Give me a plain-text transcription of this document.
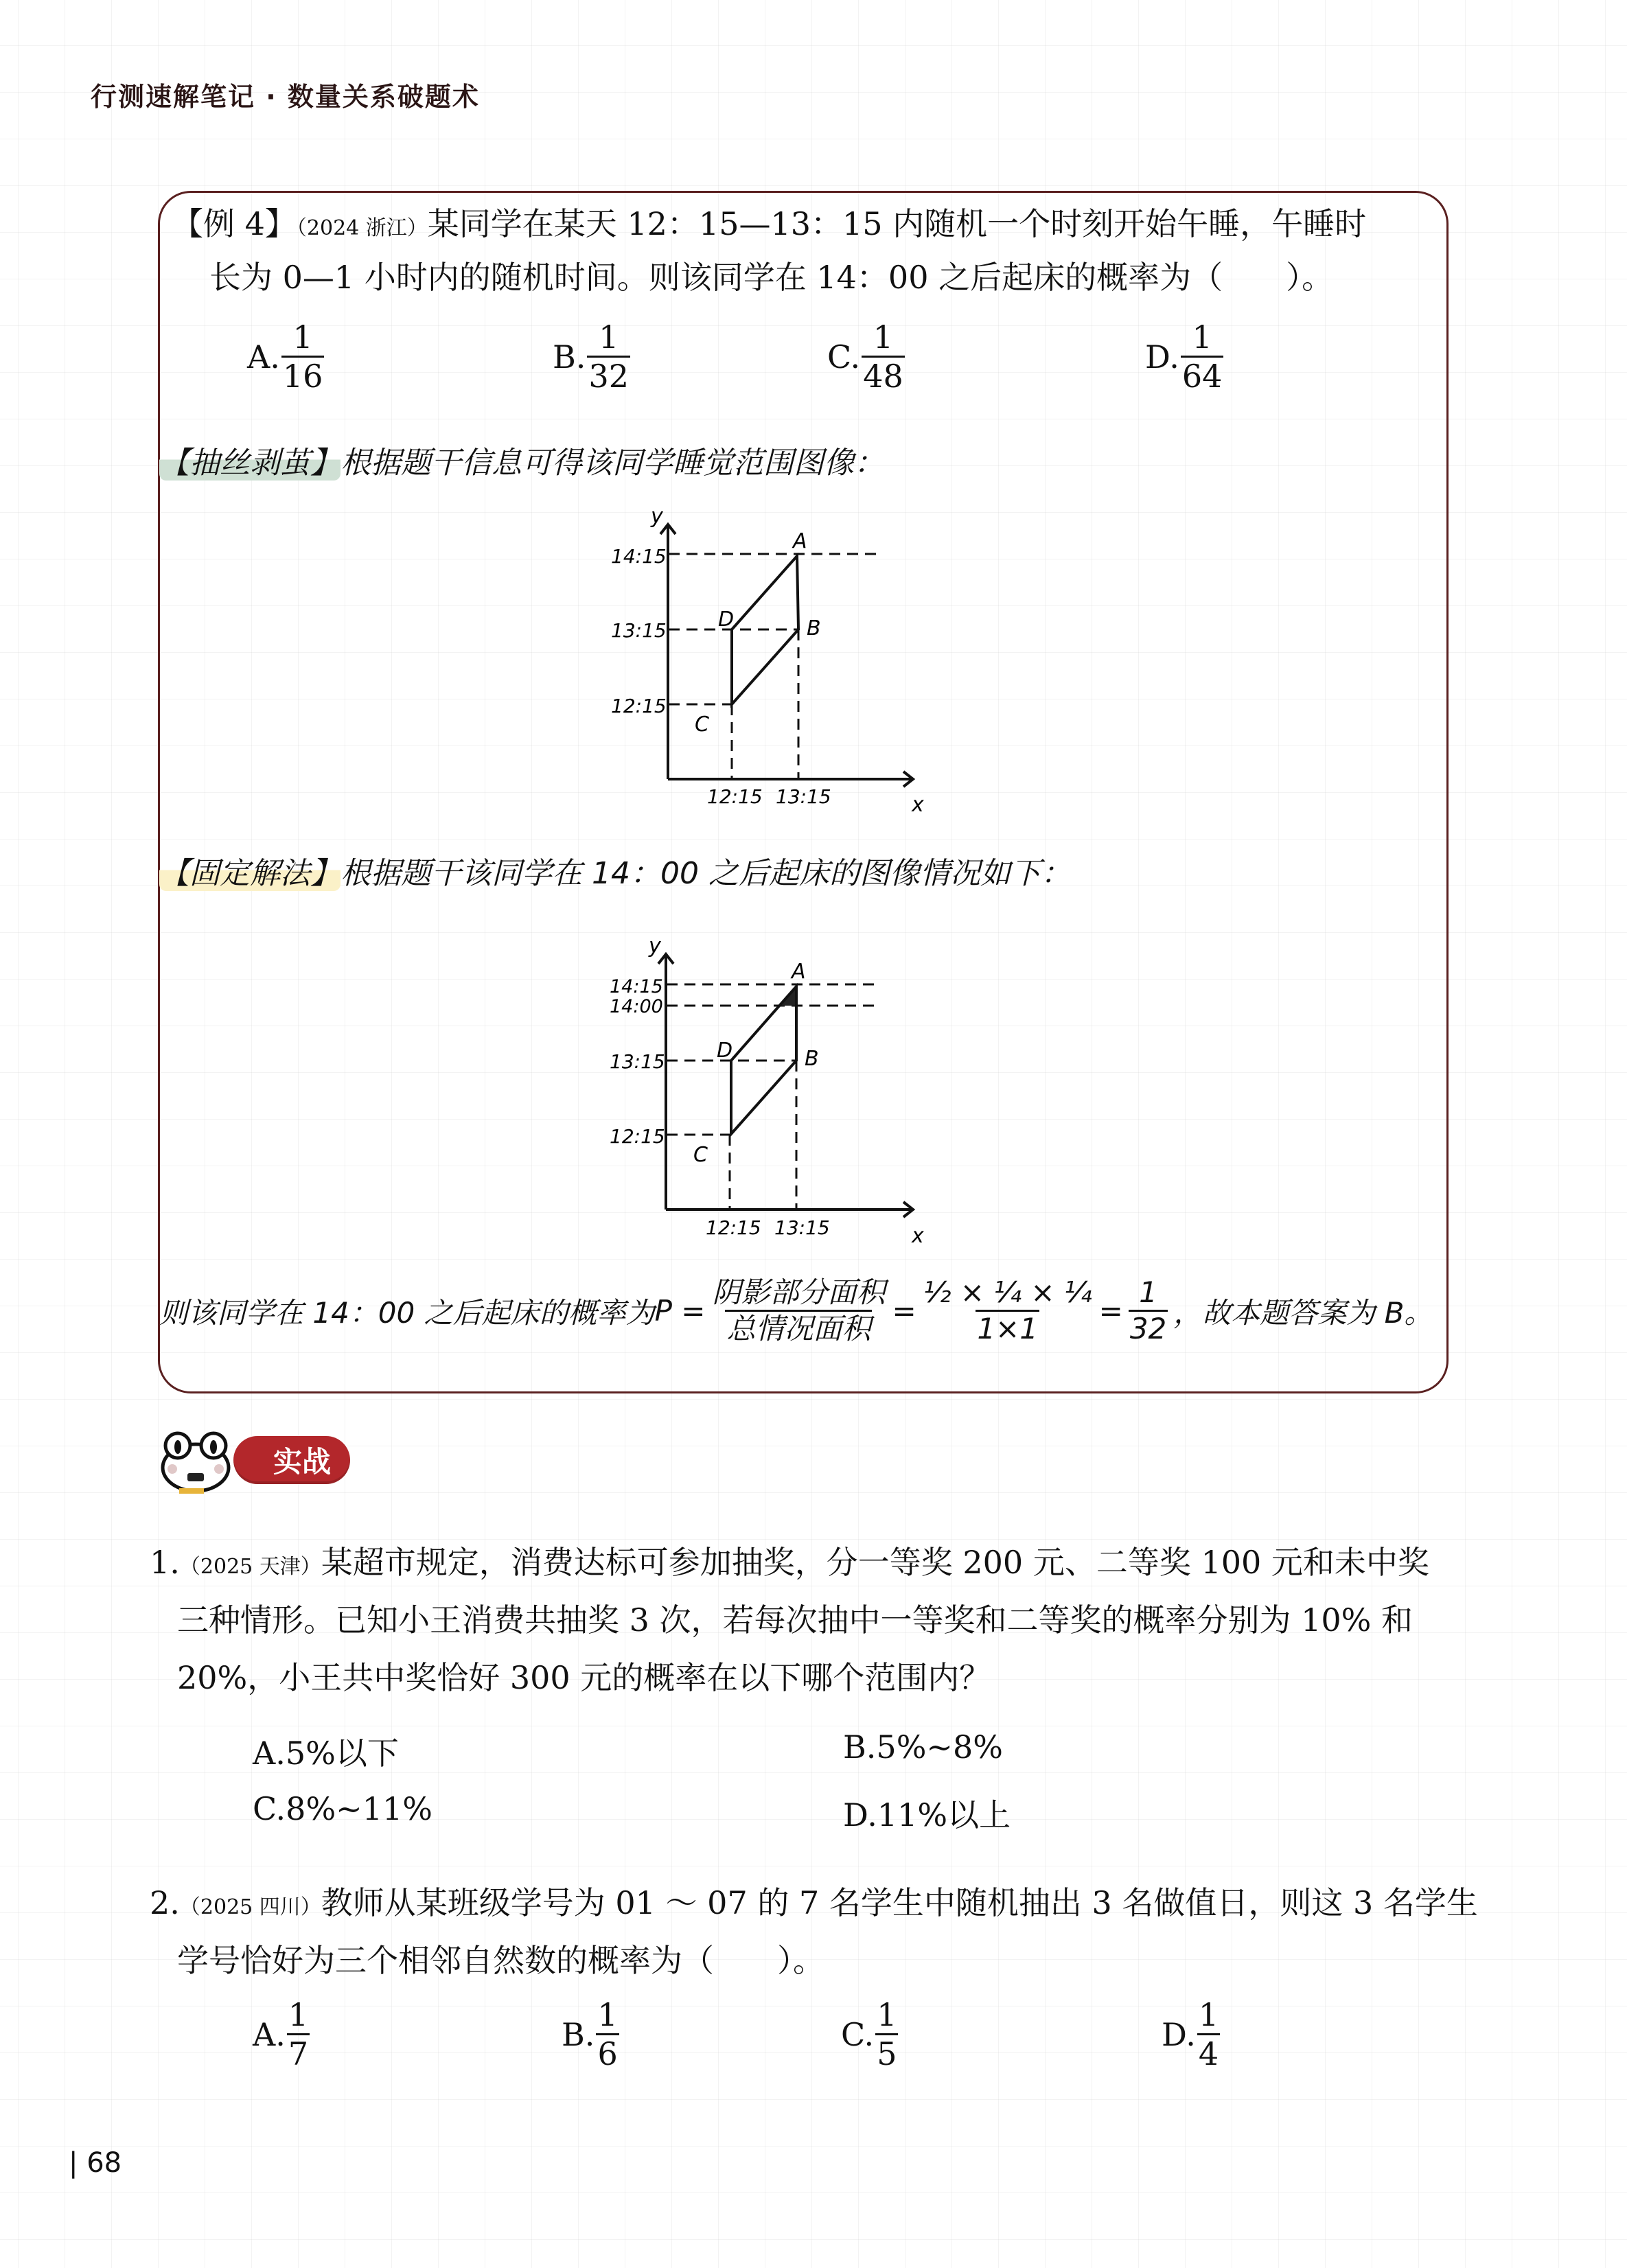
行测速解笔记 · 数量关系破题术
【例 4】（2024 浙江）某同学在某天 12：15—13：15 内随机一个时刻开始午睡，午睡时
长为 0—1 小时内的随机时间。则该同学在 14：00 之后起床的概率为（　　）。
A. $\frac{1}{16}$	B. $\frac{1}{32}$	C. $\frac{1}{48}$	D. $\frac{1}{64}$
【抽丝剥茧】根据题干信息可得该同学睡觉范围图像：
y
x
14:15
13:15
12:15
12:15 13:15
A
B
C
D
【固定解法】根据题干该同学在 14：00 之后起床的图像情况如下：
y
x
14:15
14:00
13:15
12:15
12:15 13:15
A
B
C
D
则该同学在 14：00 之后起床的概率为 $P = \frac{\text{阴影部分面积}}{\text{总情况面积}} = \frac{\text{½ × ¼ × ¼}}{1\times 1} = \frac{1}{32}$ ，故本题答案为 B。
实战
1.（2025 天津）某超市规定，消费达标可参加抽奖，分一等奖 200 元、二等奖 100 元和未中奖
三种情形。已知小王消费共抽奖 3 次，若每次抽中一等奖和二等奖的概率分别为 10% 和
20%，小王共中奖恰好 300 元的概率在以下哪个范围内？
A.5%以下	B.5%~8%
C.8%~11%	D.11%以上
2.（2025 四川）教师从某班级学号为 01 ～ 07 的 7 名学生中随机抽出 3 名做值日，则这 3 名学生
学号恰好为三个相邻自然数的概率为（　　）。
A. $\frac{1}{7}$	B. $\frac{1}{6}$	C. $\frac{1}{5}$	D. $\frac{1}{4}$
| 68
